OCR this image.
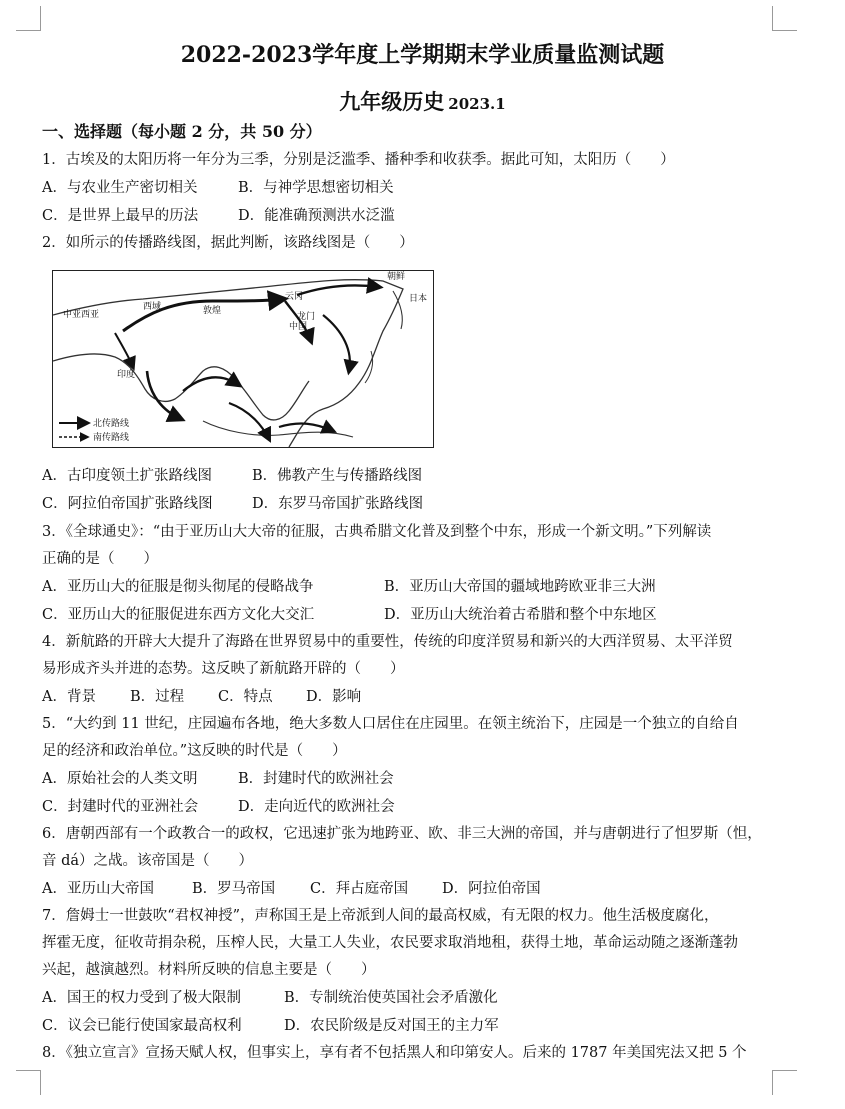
2022-2023学年度上学期期末学业质量监测试题
九年级历史 2023.1
一、选择题（每小题 2 分，共 50 分）
1．古埃及的太阳历将一年分为三季，分别是泛滥季、播种季和收获季。据此可知，太阳历（　　）
A．与农业生产密切相关	B．与神学思想密切相关
C．是世界上最早的历法	D．能准确预测洪水泛滥
2．如所示的传播路线图，据此判断，该路线图是（　　）
中亚西亚
西域	敦煌
云冈
龙门
中国
印度
朝鲜
日本
北传路线
南传路线
A．古印度领土扩张路线图	B．佛教产生与传播路线图
C．阿拉伯帝国扩张路线图	D．东罗马帝国扩张路线图
3．《全球通史》：“由于亚历山大大帝的征服，古典希腊文化普及到整个中东，形成一个新文明。”下列解读
正确的是（　　）
A．亚历山大的征服是彻头彻尾的侵略战争	B．亚历山大帝国的疆域地跨欧亚非三大洲
C．亚历山大的征服促进东西方文化大交汇	D．亚历山大统治着古希腊和整个中东地区
4．新航路的开辟大大提升了海路在世界贸易中的重要性，传统的印度洋贸易和新兴的大西洋贸易、太平洋贸
易形成齐头并进的态势。这反映了新航路开辟的（　　）
A．背景 B．过程 C．特点 D．影响
5．“大约到 11 世纪，庄园遍布各地，绝大多数人口居住在庄园里。在领主统治下，庄园是一个独立的自给自
足的经济和政治单位。”这反映的时代是（　　）
A．原始社会的人类文明	B．封建时代的欧洲社会
C．封建时代的亚洲社会	D．走向近代的欧洲社会
6．唐朝西部有一个政教合一的政权，它迅速扩张为地跨亚、欧、非三大洲的帝国，并与唐朝进行了怛罗斯（怛，
音 dá）之战。该帝国是（　　）
A．亚历山大帝国	B．罗马帝国 C．拜占庭帝国 D．阿拉伯帝国
7．詹姆士一世鼓吹“君权神授”，声称国王是上帝派到人间的最高权威，有无限的权力。他生活极度腐化，
挥霍无度，征收苛捐杂税，压榨人民，大量工人失业，农民要求取消地租，获得土地，革命运动随之逐渐蓬勃
兴起，越演越烈。材料所反映的信息主要是（　　）
A．国王的权力受到了极大限制	B．专制统治使英国社会矛盾激化
C．议会已能行使国家最高权利	D．农民阶级是反对国王的主力军
8．《独立宣言》宣扬天赋人权，但事实上，享有者不包括黑人和印第安人。后来的 1787 年美国宪法又把 5 个
